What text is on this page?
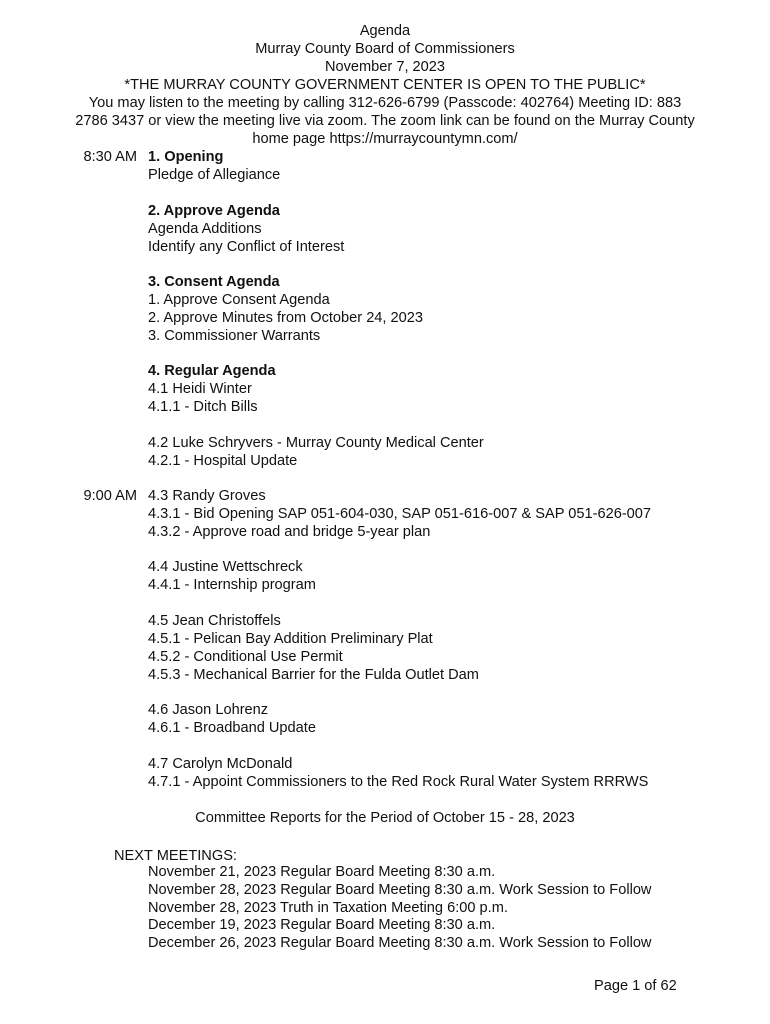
Agenda
Murray County Board of Commissioners
November 7, 2023
*THE MURRAY COUNTY GOVERNMENT CENTER IS OPEN TO THE PUBLIC*
You may listen to the meeting by calling 312-626-6799 (Passcode: 402764) Meeting ID: 883
2786 3437 or view the meeting live via zoom. The zoom link can be found on the Murray County
home page https://murraycountymn.com/
8:30 AM 1. Opening
Pledge of Allegiance
2. Approve Agenda
Agenda Additions
Identify any Conflict of Interest
3. Consent Agenda
1. Approve Consent Agenda
2. Approve Minutes from October 24, 2023
3. Commissioner Warrants
4. Regular Agenda
4.1 Heidi Winter
4.1.1 - Ditch Bills
4.2 Luke Schryvers - Murray County Medical Center
4.2.1 - Hospital Update
9:00 AM 4.3 Randy Groves
4.3.1 - Bid Opening SAP 051-604-030, SAP 051-616-007 & SAP 051-626-007
4.3.2 - Approve road and bridge 5-year plan
4.4 Justine Wettschreck
4.4.1 - Internship program
4.5 Jean Christoffels
4.5.1 - Pelican Bay Addition Preliminary Plat
4.5.2 - Conditional Use Permit
4.5.3 - Mechanical Barrier for the Fulda Outlet Dam
4.6 Jason Lohrenz
4.6.1 - Broadband Update
4.7 Carolyn McDonald
4.7.1 - Appoint Commissioners to the Red Rock Rural Water System RRRWS
Committee Reports for the Period of October 15 - 28, 2023
NEXT MEETINGS:
November 21, 2023 Regular Board Meeting 8:30 a.m.
November 28, 2023 Regular Board Meeting 8:30 a.m. Work Session to Follow
November 28, 2023 Truth in Taxation Meeting 6:00 p.m.
December 19, 2023 Regular Board Meeting 8:30 a.m.
December 26, 2023 Regular Board Meeting 8:30 a.m. Work Session to Follow
Page 1 of 62
